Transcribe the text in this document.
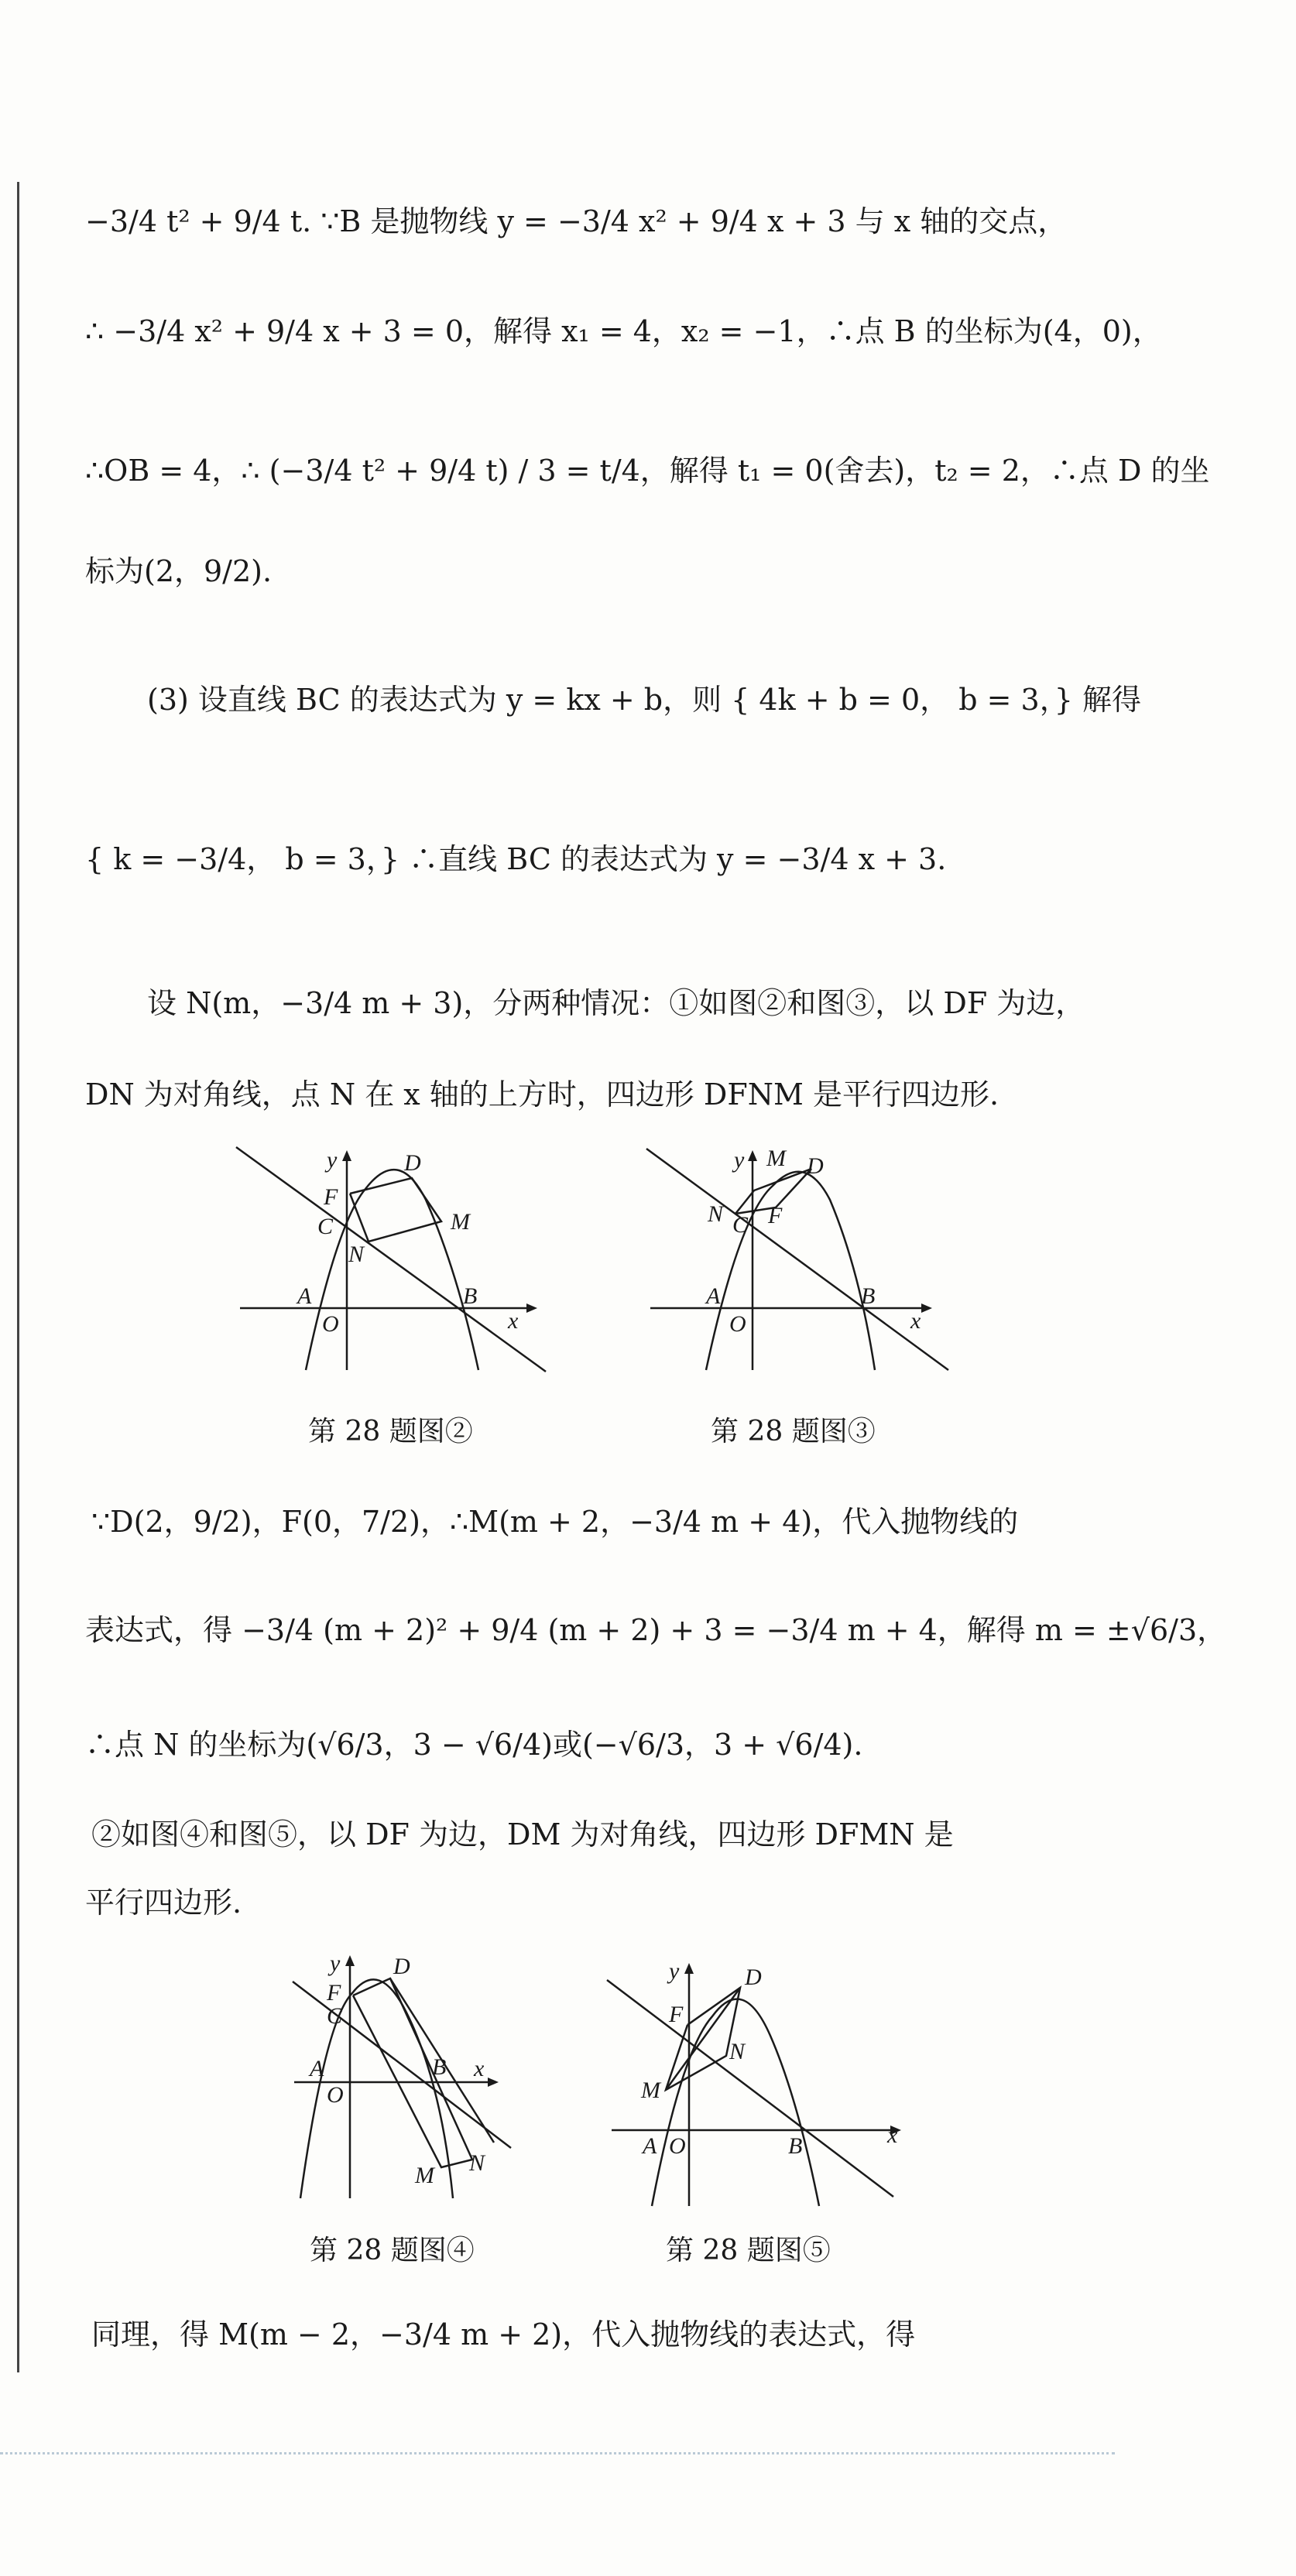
−3/4 t² + 9/4 t. ∵B 是抛物线 y = −3/4 x² + 9/4 x + 3 与 x 轴的交点，
∴ −3/4 x² + 9/4 x + 3 = 0，解得 x₁ = 4，x₂ = −1，∴点 B 的坐标为(4，0)，
∴OB = 4，∴ (−3/4 t² + 9/4 t) / 3 = t/4，解得 t₁ = 0(舍去)，t₂ = 2，∴点 D 的坐
标为(2，9/2).
(3) 设直线 BC 的表达式为 y = kx + b，则 { 4k + b = 0， b = 3，} 解得
{ k = −3/4， b = 3，} ∴直线 BC 的表达式为 y = −3/4 x + 3.
设 N(m，−3/4 m + 3)，分两种情况：①如图②和图③，以 DF 为边，
DN 为对角线，点 N 在 x 轴的上方时，四边形 DFNM 是平行四边形.
y	D
F
C	M
N
A
O
B
x
第 28 题图②
y M D
N C F
A
O
B
x
第 28 题图③
∵D(2，9/2)，F(0，7/2)，∴M(m + 2，−3/4 m + 4)，代入抛物线的
表达式，得 −3/4 (m + 2)² + 9/4 (m + 2) + 3 = −3/4 m + 4，解得 m = ±√6/3，
∴点 N 的坐标为(√6/3，3 − √6/4)或(−√6/3，3 + √6/4).
②如图④和图⑤，以 DF 为边，DM 为对角线，四边形 DFMN 是
平行四边形.
y D
F
C
A
O
B x
M N
第 28 题图④
y	D
F
N
M
A O	B	x
第 28 题图⑤
同理，得 M(m − 2，−3/4 m + 2)，代入抛物线的表达式，得
